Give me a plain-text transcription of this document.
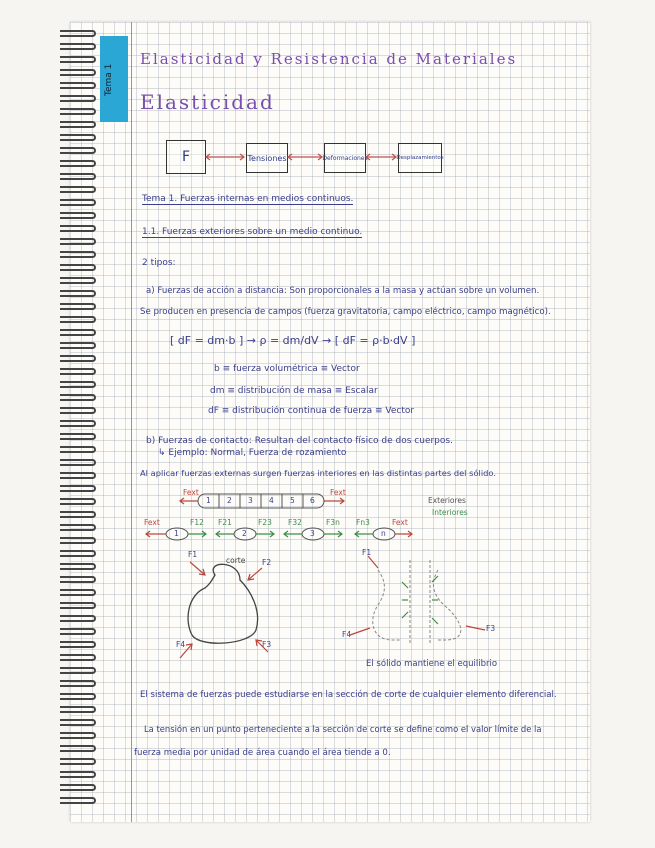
Tema 1
Elasticidad y Resistencia de Materiales
Elasticidad
F	Tensiones	Deformaciones	Desplazamientos
Tema 1. Fuerzas internas en medios continuos.
1.1. Fuerzas exteriores sobre un medio continuo.
2 tipos:
a) Fuerzas de acción a distancia: Son proporcionales a la masa y actúan sobre un volumen.
Se producen en presencia de campos (fuerza gravitatoria, campo eléctrico, campo magnético).
[ dF = dm·b ] → ρ = dm/dV → [ dF = ρ·b·dV ]
b ≡ fuerza volumétrica ≡ Vector
dm ≡ distribución de masa ≡ Escalar
dF ≡ distribución continua de fuerza ≡ Vector
b) Fuerzas de contacto: Resultan del contacto físico de dos cuerpos.
↳ Ejemplo: Normal, Fuerza de rozamiento
Al aplicar fuerzas externas surgen fuerzas interiores en las distintas partes del sólido.
Fext	Fext
1 2 3 4 5 6	Exteriores
Interiores
1	2	3	n
Fext	F12 F21	F23 F32	F3n Fn3	Fext
corte
F1
F2
F4	F3
F1
F4
F3
El sólido mantiene el equilibrio
El sistema de fuerzas puede estudiarse en la sección de corte de cualquier elemento diferencial.
La tensión en un punto perteneciente a la sección de corte se define como el valor límite de la
fuerza media por unidad de área cuando el área tiende a 0.
